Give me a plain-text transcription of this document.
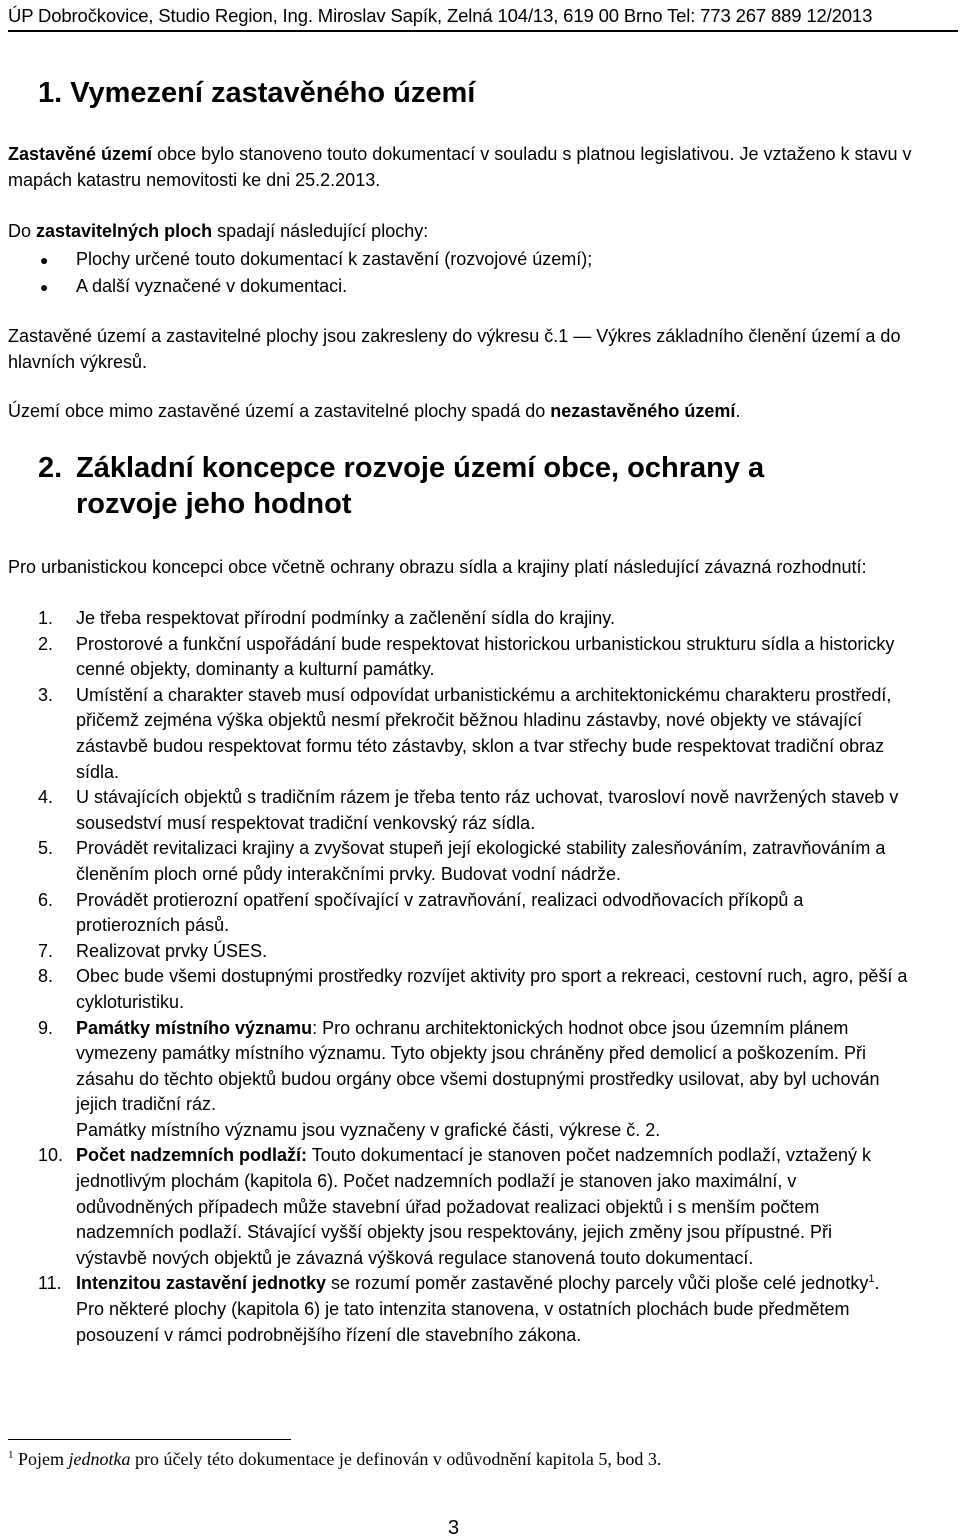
ÚP Dobročkovice, Studio Region, Ing. Miroslav Sapík, Zelná 104/13, 619 00 Brno Tel: 773 267 889 12/2013
1. Vymezení zastavěného území
Zastavěné území obce bylo stanoveno touto dokumentací v souladu s platnou legislativou. Je vztaženo k stavu v mapách katastru nemovitosti ke dni 25.2.2013.
Do zastavitelných ploch spadají následující plochy:
● Plochy určené touto dokumentací k zastavění (rozvojové území);
● A další vyznačené v dokumentaci.
Zastavěné území a zastavitelné plochy jsou zakresleny do výkresu č.1 — Výkres základního členění území a do hlavních výkresů.
Území obce mimo zastavěné území a zastavitelné plochy spadá do nezastavěného území.
2. Základní koncepce rozvoje území obce, ochrany a
rozvoje jeho hodnot
Pro urbanistickou koncepci obce včetně ochrany obrazu sídla a krajiny platí následující závazná rozhodnutí:
1. Je třeba respektovat přírodní podmínky a začlenění sídla do krajiny.
2. Prostorové a funkční uspořádání bude respektovat historickou urbanistickou strukturu sídla a historicky cenné objekty, dominanty a kulturní památky.
3. Umístění a charakter staveb musí odpovídat urbanistickému a architektonickému charakteru prostředí, přičemž zejména výška objektů nesmí překročit běžnou hladinu zástavby, nové objekty ve stávající zástavbě budou respektovat formu této zástavby, sklon a tvar střechy bude respektovat tradiční obraz sídla.
4. U stávajících objektů s tradičním rázem je třeba tento ráz uchovat, tvarosloví nově navržených staveb v sousedství musí respektovat tradiční venkovský ráz sídla.
5. Provádět revitalizaci krajiny a zvyšovat stupeň její ekologické stability zalesňováním, zatravňováním a členěním ploch orné půdy interakčními prvky. Budovat vodní nádrže.
6. Provádět protierozní opatření spočívající v zatravňování, realizaci odvodňovacích příkopů a protierozních pásů.
7. Realizovat prvky ÚSES.
8. Obec bude všemi dostupnými prostředky rozvíjet aktivity pro sport a rekreaci, cestovní ruch, agro, pěší a cykloturistiku.
9. Památky místního významu: Pro ochranu architektonických hodnot obce jsou územním plánem vymezeny památky místního významu. Tyto objekty jsou chráněny před demolicí a poškozením. Při zásahu do těchto objektů budou orgány obce všemi dostupnými prostředky usilovat, aby byl uchován jejich tradiční ráz.
Památky místního významu jsou vyznačeny v grafické části, výkrese č. 2.
10. Počet nadzemních podlaží: Touto dokumentací je stanoven počet nadzemních podlaží, vztažený k jednotlivým plochám (kapitola 6). Počet nadzemních podlaží je stanoven jako maximální, v odůvodněných případech může stavební úřad požadovat realizaci objektů i s menším počtem nadzemních podlaží. Stávající vyšší objekty jsou respektovány, jejich změny jsou přípustné. Při výstavbě nových objektů je závazná výšková regulace stanovená touto dokumentací.
11. Intenzitou zastavění jednotky se rozumí poměr zastavěné plochy parcely vůči ploše celé jednotky$^1$. Pro některé plochy (kapitola 6) je tato intenzita stanovena, v ostatních plochách bude předmětem posouzení v rámci podrobnějšího řízení dle stavebního zákona.
$^1$ Pojem jednotka pro účely této dokumentace je definován v odůvodnění kapitola 5, bod 3.
3
